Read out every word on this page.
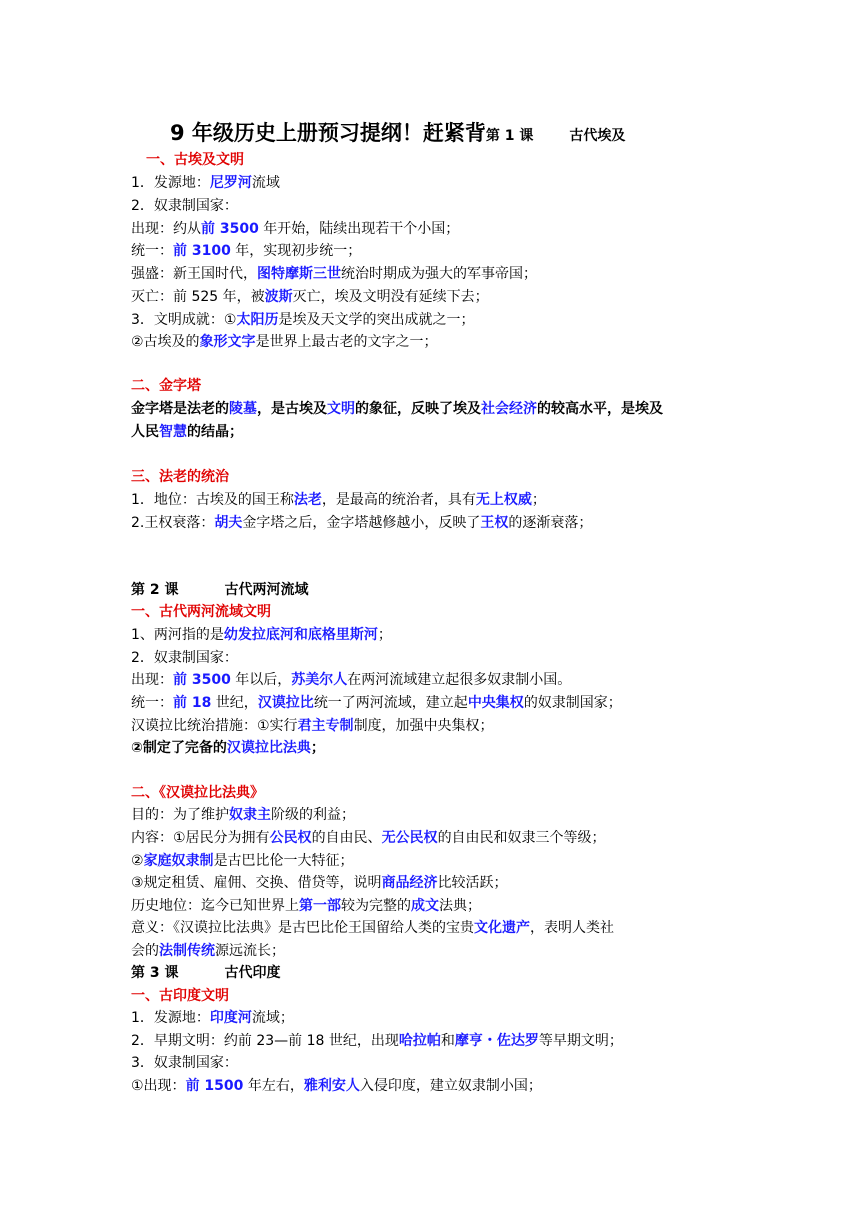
9 年级历史上册预习提纲！赶紧背第 1 课	古代埃及
一、古埃及文明
1．发源地：尼罗河流域
2．奴隶制国家：
出现：约从前 3500 年开始，陆续出现若干个小国；
统一：前 3100 年，实现初步统一；
强盛：新王国时代，图特摩斯三世统治时期成为强大的军事帝国；
灭亡：前 525 年，被波斯灭亡，埃及文明没有延续下去；
3．文明成就：①太阳历是埃及天文学的突出成就之一；
②古埃及的象形文字是世界上最古老的文字之一；
二、金字塔
金字塔是法老的陵墓，是古埃及文明的象征，反映了埃及社会经济的较高水平，是埃及
人民智慧的结晶；
三、法老的统治
1．地位：古埃及的国王称法老，是最高的统治者，具有无上权威；
2.王权衰落：胡夫金字塔之后，金字塔越修越小，反映了王权的逐渐衰落；
第 2 课	古代两河流域
一、古代两河流域文明
1、两河指的是幼发拉底河和底格里斯河；
2．奴隶制国家：
出现：前 3500 年以后，苏美尔人在两河流域建立起很多奴隶制小国。
统一：前 18 世纪，汉谟拉比统一了两河流域，建立起中央集权的奴隶制国家；
汉谟拉比统治措施：①实行君主专制制度，加强中央集权；
②制定了完备的汉谟拉比法典；
二、《汉谟拉比法典》
目的：为了维护奴隶主阶级的利益；
内容：①居民分为拥有公民权的自由民、无公民权的自由民和奴隶三个等级；
②家庭奴隶制是古巴比伦一大特征；
③规定租赁、雇佣、交换、借贷等，说明商品经济比较活跃；
历史地位：迄今已知世界上第一部较为完整的成文法典；
意义：《汉谟拉比法典》是古巴比伦王国留给人类的宝贵文化遗产，表明人类社
会的法制传统源远流长；
第 3 课	古代印度
一、古印度文明
1．发源地：印度河流域；
2．早期文明：约前 23—前 18 世纪，出现哈拉帕和摩亨・佐达罗等早期文明；
3．奴隶制国家：
①出现：前 1500 年左右，雅利安人入侵印度，建立奴隶制小国；
